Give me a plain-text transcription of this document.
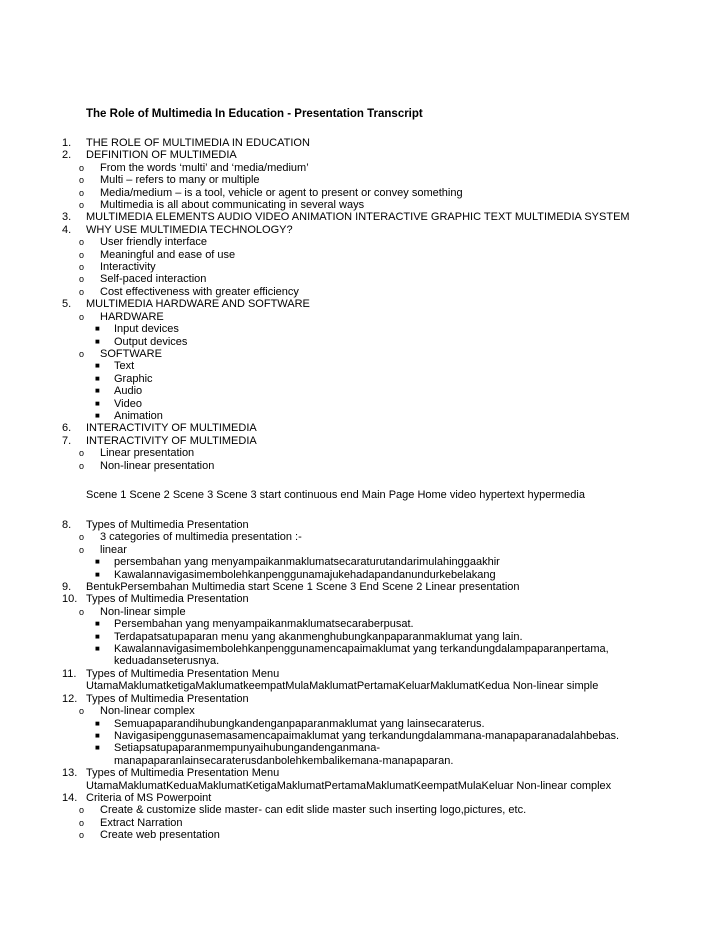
The Role of Multimedia In Education - Presentation Transcript
1. THE ROLE OF MULTIMEDIA IN EDUCATION
2. DEFINITION OF MULTIMEDIA
o From the words ‘multi’ and ‘media/medium’
o Multi – refers to many or multiple
o Media/medium – is a tool, vehicle or agent to present or convey something
o Multimedia is all about communicating in several ways
3. MULTIMEDIA ELEMENTS AUDIO VIDEO ANIMATION INTERACTIVE GRAPHIC TEXT MULTIMEDIA SYSTEM
4. WHY USE MULTIMEDIA TECHNOLOGY?
o User friendly interface
o Meaningful and ease of use
o Interactivity
o Self-paced interaction
o Cost effectiveness with greater efficiency
5. MULTIMEDIA HARDWARE AND SOFTWARE
o HARDWARE
■ Input devices
■ Output devices
o SOFTWARE
■ Text
■ Graphic
■ Audio
■ Video
■ Animation
6. INTERACTIVITY OF MULTIMEDIA
7. INTERACTIVITY OF MULTIMEDIA
o Linear presentation
o Non-linear presentation
Scene 1 Scene 2 Scene 3 Scene 3 start continuous end Main Page Home video hypertext hypermedia
8. Types of Multimedia Presentation
o 3 categories of multimedia presentation :-
o linear
■ persembahan yang menyampaikanmaklumatsecaraturutandarimulahinggaakhir
■ Kawalannavigasimembolehkanpenggunamajukehadapandanundurkebelakang
9. BentukPersembahan Multimedia start Scene 1 Scene 3 End Scene 2 Linear presentation
10. Types of Multimedia Presentation
o Non-linear simple
■ Persembahan yang menyampaikanmaklumatsecaraberpusat.
■ Terdapatsatupaparan menu yang akanmenghubungkanpaparanmaklumat yang lain.
■ Kawalannavigasimembolehkanpenggunamencapaimaklumat yang terkandungdalampaparanpertama,
keduadanseterusnya.
11. Types of Multimedia Presentation Menu
UtamaMaklumatketigaMaklumatkeempatMulaMaklumatPertamaKeluarMaklumatKedua Non-linear simple
12. Types of Multimedia Presentation
o Non-linear complex
■ Semuapaparandihubungkandenganpaparanmaklumat yang lainsecaraterus.
■ Navigasipenggunasemasamencapaimaklumat yang terkandungdalammana-manapaparanadalahbebas.
■ Setiapsatupaparanmempunyaihubungandenganmana-
manapaparanlainsecaraterusdanbolehkembalikemana-manapaparan.
13. Types of Multimedia Presentation Menu
UtamaMaklumatKeduaMaklumatKetigaMaklumatPertamaMaklumatKeempatMulaKeluar Non-linear complex
14. Criteria of MS Powerpoint
o Create & customize slide master- can edit slide master such inserting logo,pictures, etc.
o Extract Narration
o Create web presentation
